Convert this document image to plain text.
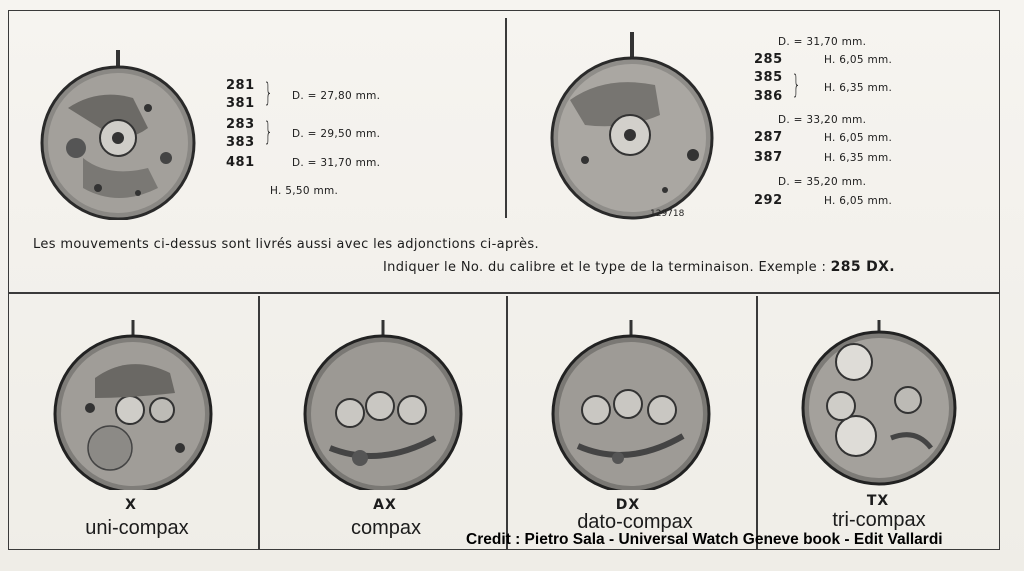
281
381 } D. = 27,80 mm.
283
383 } D. = 29,50 mm.
481	D. = 31,70 mm.
H. 5,50 mm.
129718
D. = 31,70 mm.
285	H. 6,05 mm.
385
386 } H. 6,35 mm.
D. = 33,20 mm.
287	H. 6,05 mm.
387	H. 6,35 mm.
D. = 35,20 mm.
292	H. 6,05 mm.
Les mouvements ci-dessus sont livrés aussi avec les adjonctions ci-après.
Indiquer le No. du calibre et le type de la terminaison. Exemple : 285 DX.
X
uni-compax
AX
compax
DX
dato-compax
TX
tri-compax
Credit : Pietro Sala - Universal Watch Geneve book - Edit Vallardi
